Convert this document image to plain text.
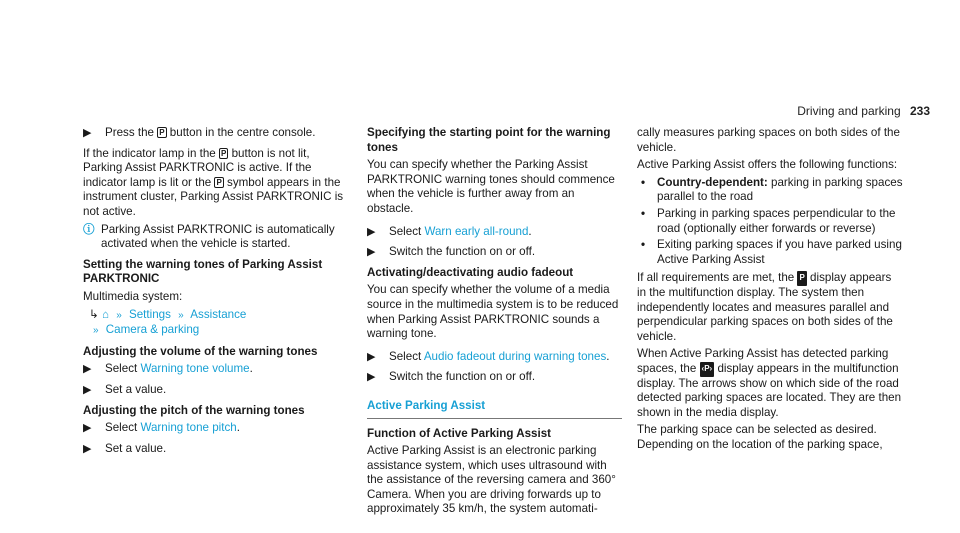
Driving and parking 233
▶	Press the P​ button in the centre console.

If the indicator lamp in the P​ button is not lit, Parking Assist PARKTRONIC is active. If the indicator lamp is lit or the P​ symbol appears in the instrument cluster, Parking Assist PARKTRONIC is not active.

ⓘ Parking Assist PARKTRONIC is automatically activated when the vehicle is started.

Setting the warning tones of Parking Assist PARKTRONIC

Multimedia system:

↳ ⌂ » Settings » Assistance
» Camera & parking

Adjusting the volume of the warning tones

▶	Select Warning tone volume.
▶	Set a value.

Adjusting the pitch of the warning tones

▶	Select Warning tone pitch.
▶	Set a value.

Specifying the starting point for the warning tones

You can specify whether the Parking Assist PARKTRONIC warning tones should commence when the vehicle is further away from an obstacle.

▶	Select Warn early all-round.
▶	Switch the function on or off.

Activating/deactivating audio fadeout

You can specify whether the volume of a media source in the multimedia system is to be reduced when Parking Assist PARKTRONIC sounds a warning tone.

▶	Select Audio fadeout during warning tones.
▶	Switch the function on or off.
Active Parking Assist

Function of Active Parking Assist

Active Parking Assist is an electronic parking assistance system, which uses ultrasound with the assistance of the reversing camera and 360° Camera. When you are driving forwards up to approximately 35 km/h, the system automati-

cally measures parking spaces on both sides of the vehicle.

Active Parking Assist offers the following functions:

•	Country-dependent: parking in parking spaces parallel to the road
•	Parking in parking spaces perpendicular to the road (optionally either forwards or reverse)
•	Exiting parking spaces if you have parked using Active Parking Assist

If all requirements are met, the P display appears in the multifunction display. The system then independently locates and measures parallel and perpendicular parking spaces on both sides of the vehicle.

When Active Parking Assist has detected parking spaces, the ‹P› display appears in the multifunction display. The arrows show on which side of the road detected parking spaces are located. They are then shown in the media display.

The parking space can be selected as desired. Depending on the location of the parking space,
